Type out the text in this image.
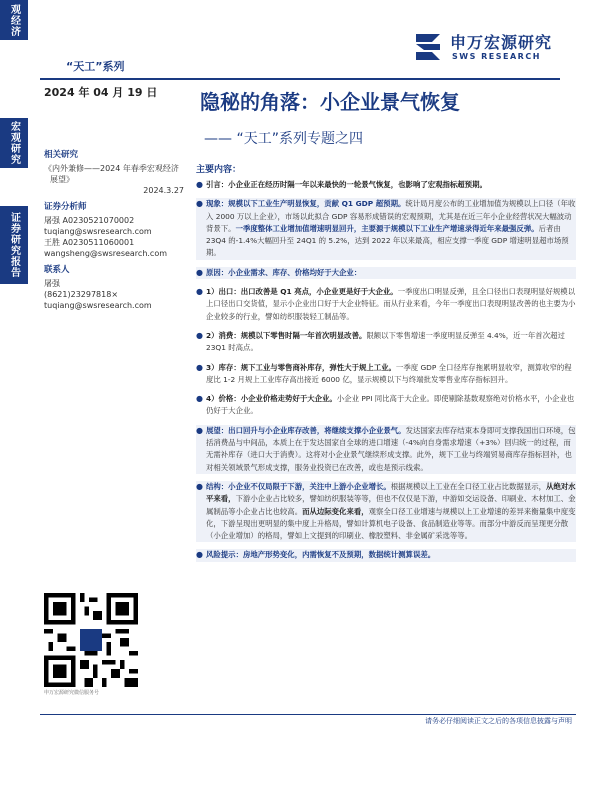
观经济
宏观研究
证券研究报告
“天工”系列
申万宏源研究
SWS RESEARCH
2024 年 04 月 19 日 隐秘的角落：小企业景气恢复
—— “天工”系列专题之四
相关研究
《内外兼修——2024 年春季宏观经济
展望》
2024.3.27
证券分析师
屠强 A0230521070002
tuqiang@swsresearch.com
王胜 A0230511060001
wangsheng@swsresearch.com
联系人
屠强
(8621)23297818×
tuqiang@swsresearch.com
申万宏源研究微信服务号
主要内容：
● 引言：小企业正在经历时隔一年以来最快的一轮景气恢复，也影响了宏观指标超预期。
● 现象：规模以下工业生产明显恢复，贡献 Q1 GDP 超预期。统计局月度公布的工业增加值为规模以上口径（年收入 2000 万以上企业），市场以此拟合 GDP 容易形成错误的宏观预期，尤其是在近三年小企业经营状况大幅波动背景下。一季度整体工业增加值增速明显回升，主要源于规模以下工业生产增速录得近年来最强反弹。后者由 23Q4 的-1.4%大幅回升至 24Q1 的 5.2%，达到 2022 年以来最高，相应支撑一季度 GDP 增速明显超市场预期。
● 原因：小企业需求、库存、价格均好于大企业：
● 1）出口：出口改善是 Q1 亮点，小企业更是好于大企业。一季度出口明显反弹，且全口径出口表现明显好规模以上口径出口交货值，显示小企业出口好于大企业特征。而从行业来看，今年一季度出口表现明显改善的也主要为小企业较多的行业，譬如纺织服装轻工制品等。
● 2）消费：规模以下零售时隔一年首次明显改善。限额以下零售增速一季度明显反弹至 4.4%，近一年首次超过 23Q1 时高点。
● 3）库存：规下工业与零售商补库存，弹性大于规上工业。一季度 GDP 全口径库存拖累明显收窄，测算收窄的程度比 1-2 月规上工业库存高出接近 6000 亿，显示规模以下与终端批发零售业库存指标回升。
● 4）价格：小企业价格走势好于大企业。小企业 PPI 同比高于大企业。即使剔除基数观察绝对价格水平，小企业也仍好于大企业。
● 展望：出口回升与小企业库存改善，将继续支撑小企业景气。发达国家去库存结束本身即可支撑我国出口环境，包括消费品与中间品，本质上在于发达国家自全球的进口增速（-4%向自身需求增速（+3%）回归统一的过程，而无需补库存（进口大于消费）。这将对小企业景气继续形成支撑。此外，规下工业与终端贸易商库存指标回补，也对相关领域景气形成支撑，服务业投资已在改善，或也是预示线索。
● 结构：小企业不仅局限于下游，关注中上游小企业增长。根据规模以上工业在全口径工业占比数据显示，从绝对水平来看，下游小企业占比较多，譬如纺织服装等等，但也不仅仅是下游，中游如交运设备、印刷业、木材加工、金属制品等小企业占比也较高。而从边际变化来看，观察全口径工业增速与规模以上工业增速的差异来衡量集中度变化，下游呈现出更明显的集中度上升格局，譬如计算机电子设备、食品制造业等等。而部分中游反而呈现更分散（小企业增加）的格局，譬如上文提到的印刷业、橡胶塑料、非金属矿采选等等。
● 风险提示：房地产形势变化，内需恢复不及预期，数据统计测算误差。
请务必仔细阅读正文之后的各项信息披露与声明
